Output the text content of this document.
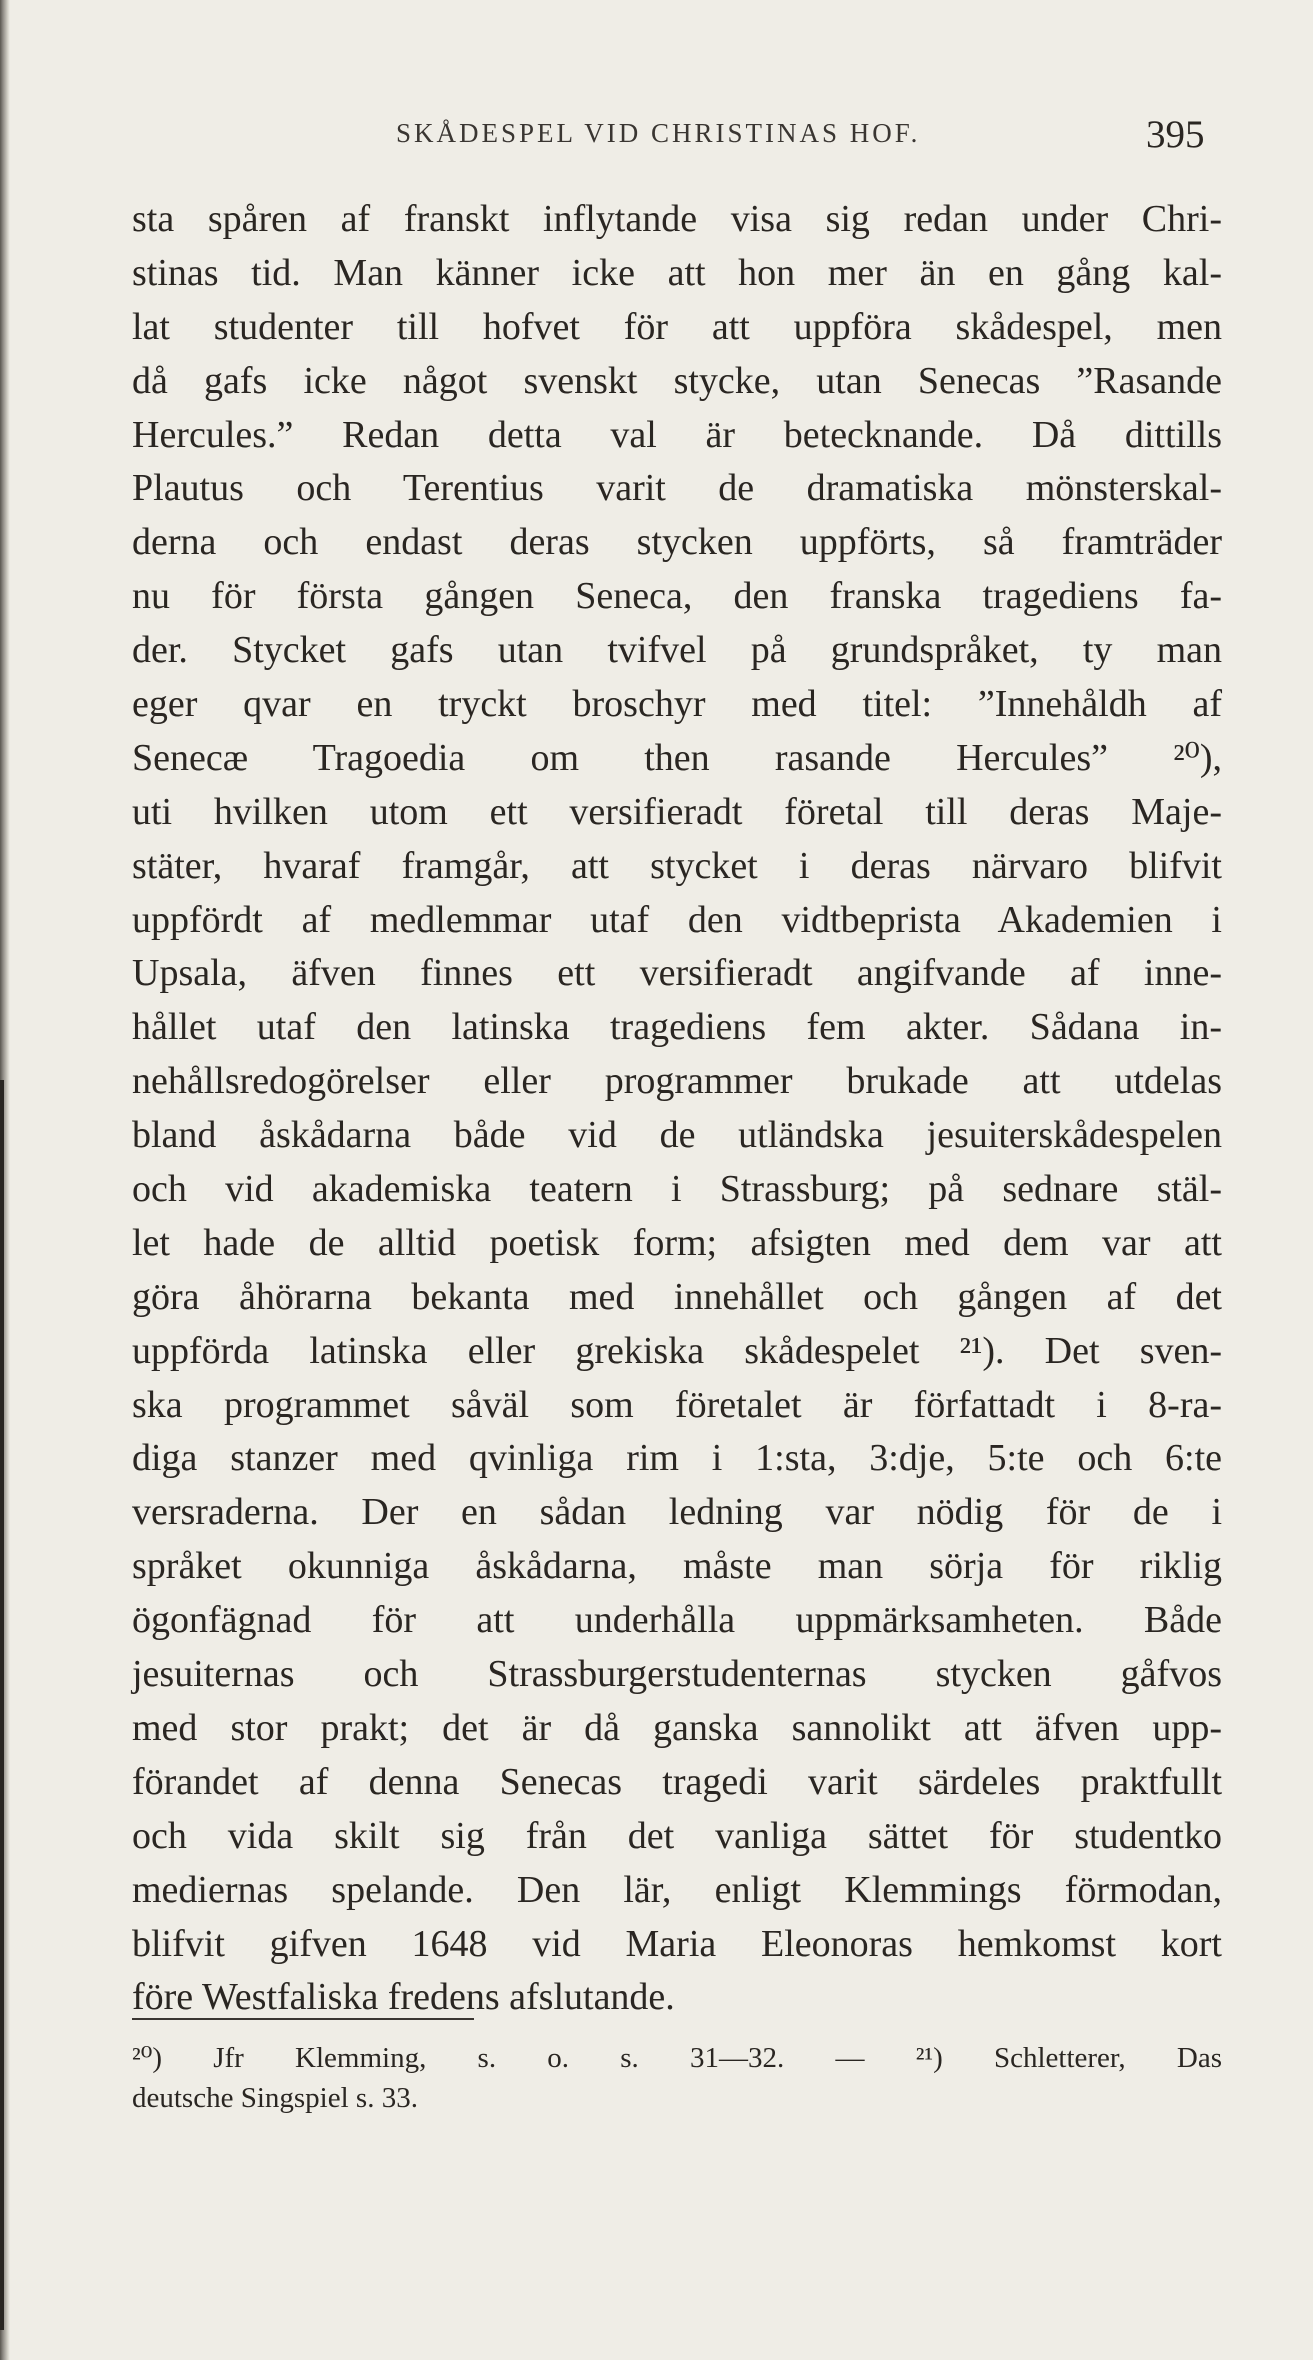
SKÅDESPEL VID CHRISTINAS HOF.	395
sta spåren af franskt inflytande visa sig redan under Chri-
stinas tid. Man känner icke att hon mer än en gång kal-
lat studenter till hofvet för att uppföra skådespel, men
då gafs icke något svenskt stycke, utan Senecas ”Rasande
Hercules.” Redan detta val är betecknande. Då dittills
Plautus och Terentius varit de dramatiska mönsterskal-
derna och endast deras stycken uppförts, så framträder
nu för första gången Seneca, den franska tragediens fa-
der. Stycket gafs utan tvifvel på grundspråket, ty man
eger qvar en tryckt broschyr med titel: ”Innehåldh af
Senecæ Tragoedia om then rasande Hercules” ²⁰),
uti hvilken utom ett versifieradt företal till deras Maje-
stäter, hvaraf framgår, att stycket i deras närvaro blifvit
uppfördt af medlemmar utaf den vidtbeprista Akademien i
Upsala, äfven finnes ett versifieradt angifvande af inne-
hållet utaf den latinska tragediens fem akter. Sådana in-
nehållsredogörelser eller programmer brukade att utdelas
bland åskådarna både vid de utländska jesuiterskådespelen
och vid akademiska teatern i Strassburg; på sednare stäl-
let hade de alltid poetisk form; afsigten med dem var att
göra åhörarna bekanta med innehållet och gången af det
uppförda latinska eller grekiska skådespelet ²¹). Det sven-
ska programmet såväl som företalet är författadt i 8-ra-
diga stanzer med qvinliga rim i 1:sta, 3:dje, 5:te och 6:te
versraderna. Der en sådan ledning var nödig för de i
språket okunniga åskådarna, måste man sörja för riklig
ögonfägnad för att underhålla uppmärksamheten. Både
jesuiternas och Strassburgerstudenternas stycken gåfvos
med stor prakt; det är då ganska sannolikt att äfven upp-
förandet af denna Senecas tragedi varit särdeles praktfullt
och vida skilt sig från det vanliga sättet för studentko
mediernas spelande. Den lär, enligt Klemmings förmodan,
blifvit gifven 1648 vid Maria Eleonoras hemkomst kort
före Westfaliska fredens afslutande.
²⁰) Jfr Klemming, s. o. s. 31—32. — ²¹) Schletterer, Das
deutsche Singspiel s. 33.
